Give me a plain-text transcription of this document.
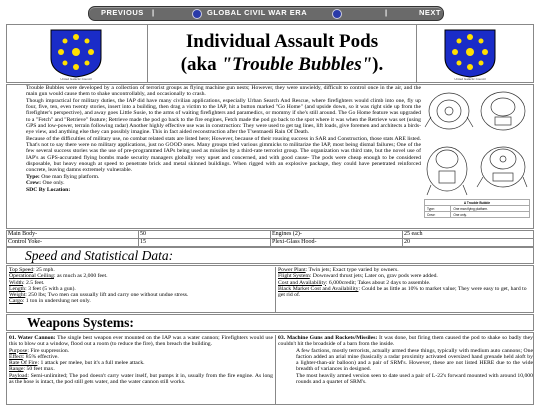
PREVIOUS |	GLOBAL CIVIL WAR ERA	|	NEXT
United Galactic Council
Individual Assault Pods
(aka "Trouble Bubbles").
United Galactic Council

Trouble Bubbles were developed by a collection of terrorist groups as flying machine gun nests; However, they were unwieldy, difficult to control once in the air, and the main gun would cause them to shake uncontrollably, and occasionally to crash.

Though impractical for military duties, the IAP did have many civilian applications, especially Urban Search And Rescue, where firefighters would climb into one, fly up four, five, ten, even twenty stories, insert into a building, then drag a victim to the IAP, hit a button marked "Go Home" (and upside down, so it was right side up from the firefighter's perspective), and away goes Little Susie, to the arms of waiting firefighters and paramedics, or mommy if she's still around. The Go Home feature was upgraded to a "Fetch" and "Retrieve" feature; Retrieve made the pod go back to the fire engines, Fetch made the pod go back to the spot where it was when the Retrieve was set (using GPS and low-power, terrain following radar) Another highly effective use was in construction: They were used to get tag lines, lift loads, give foremen and architects a birds-eye view, and anything else they can possibly imagine. This in fact aided reconstruction after the T'sentnaedi Rain Of Death.

Because of the difficulties of military use, no combat related stats are listed here; However, because of their rousing success in SAR and Construction, those stats ARE listed. That's not to say there were no military applications, just no GOOD ones. Many groups tried various gimmicks to militarize the IAP, most being dismal failures; One of the few several success stories was the use of pre-programmed IAPs being used as missiles by a third-rate terrorist group. The organization was third rate, but the novel use of IAP's as GPS-accurated flying bombs made security managers globally very upset and concerned, and with good cause- The pods were cheap enough to be considered disposable, but heavy enough at speed to penetrate brick and metal skinned buildings. When rigged with an explosive package, they could have penetrated reinforced concrete, leaving damns extremely vulnerable.

Type: One man flying platform.

Crew: One only.

SDC By Location:

A Trouble Bubble	
Type:	One man flying platform.
Crew:	One only.
Main Body-	50	Engines (2)-	25 each
Control Yoke-	15	Plexi-Glass Hood-	20
Speed and Statistical Data:
Top Speed: 25 mph.
Operational Ceiling: as much as 2,000 feet.
Width: 2.5 feet.
Length: 3 feet (5 with a gun).
Weight: 250 lbs; Two men can ussually lift and carry one without undue stress.
Cargo: 1 ton in underslung net only.
Power Plant: Twin jets; Exact type varied by owners.
Flight System: Downward thrust jets; Later on, grav pods were added.
Cost and Availability: 6,000credit; Takes about 2 days to assemble.
Black Market Cost and Availability: Could be as little as 10% to market value; They were easy to get, hard to get rid of.
Weapons Systems:

01. Water Cannon: The single best weapon ever mounted on the IAP was a water cannon; Firefighters would use this to blow out a window, flood out a room (to reduce the fire), then breach the building.

Purpose: Fire suppression.
Effect: 85% effective.
Rate Of Fire: 1 attack per melee, but it's a full melee attack.
Range: 50 feet max.

Payload: Semi-unlimited; The pod doesn't carry water itself, but pumps it in, usually from the fire engine. As long as the hose is intact, the pod still gets water, and the water cannon still works.

03. Machine Guns and Rockets/Missiles: It was done, but firing them caused the pod to shake so badly they couldn't hit the broadside of a barn from the inside.

A few factions, mostly terrorists, actually armed these things, typically with medium auto cannons; One faction added an arial mine (basically a radar proximity activated oversized hand grenade held aloft by a lighter-than-air balloon) and a pair of SRM's. However, these are not listed HERE due to the wide breadth of variances in designed.

The most heavily armed version seen to date used a pair of L-22's forward mounted with around 10,000 rounds and a quartet of SRM's.
